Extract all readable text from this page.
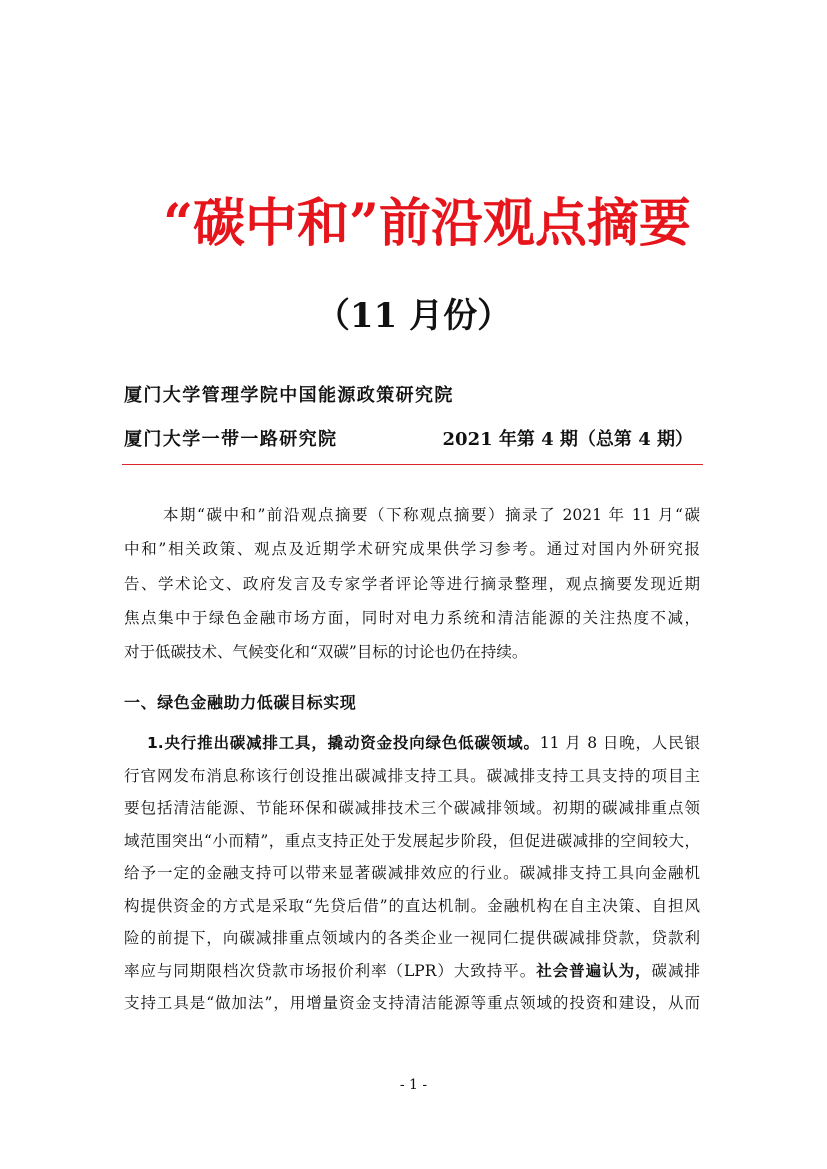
“碳中和”前沿观点摘要
（11 月份）
厦门大学管理学院中国能源政策研究院
厦门大学一带一路研究院	2021 年第 4 期（总第 4 期）
本期“碳中和”前沿观点摘要（下称观点摘要）摘录了 2021 年 11 月“碳
中和”相关政策、观点及近期学术研究成果供学习参考。通过对国内外研究报
告、学术论文、政府发言及专家学者评论等进行摘录整理，观点摘要发现近期
焦点集中于绿色金融市场方面，同时对电力系统和清洁能源的关注热度不减，
对于低碳技术、气候变化和“双碳”目标的讨论也仍在持续。
一、绿色金融助力低碳目标实现
1.央行推出碳减排工具，撬动资金投向绿色低碳领域。11 月 8 日晚，人民银
行官网发布消息称该行创设推出碳减排支持工具。碳减排支持工具支持的项目主
要包括清洁能源、节能环保和碳减排技术三个碳减排领域。初期的碳减排重点领
域范围突出“小而精”，重点支持正处于发展起步阶段，但促进碳减排的空间较大，
给予一定的金融支持可以带来显著碳减排效应的行业。碳减排支持工具向金融机
构提供资金的方式是采取“先贷后借”的直达机制。金融机构在自主决策、自担风
险的前提下，向碳减排重点领域内的各类企业一视同仁提供碳减排贷款，贷款利
率应与同期限档次贷款市场报价利率（LPR）大致持平。社会普遍认为，碳减排
支持工具是“做加法”，用增量资金支持清洁能源等重点领域的投资和建设，从而
- 1 -
